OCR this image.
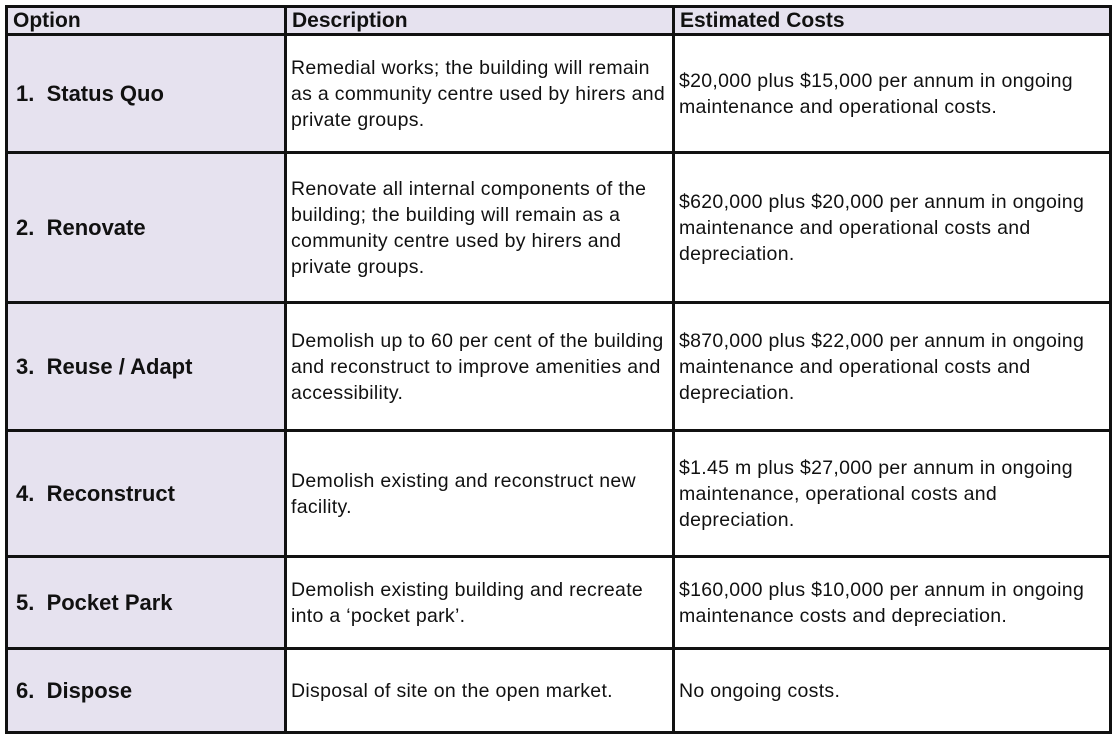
Option	Description	Estimated Costs
1.  Status Quo	Remedial works; the building will remain as a community centre used by hirers and private groups.	$20,000 plus $15,000 per annum in ongoing maintenance and operational costs.
2.  Renovate	Renovate all internal components of the building; the building will remain as a community centre used by hirers and private groups.	$620,000 plus $20,000 per annum in ongoing maintenance and operational costs and depreciation.
3.  Reuse / Adapt	Demolish up to 60 per cent of the building and reconstruct to improve amenities and accessibility.	$870,000 plus $22,000 per annum in ongoing maintenance and operational costs and depreciation.
4.  Reconstruct	Demolish existing and reconstruct new facility.	$1.45 m plus $27,000 per annum in ongoing maintenance, operational costs and depreciation.
5.  Pocket Park	Demolish existing building and recreate into a ‘pocket park’.	$160,000 plus $10,000 per annum in ongoing maintenance costs and depreciation.
6.  Dispose	Disposal of site on the open market.	No ongoing costs.
